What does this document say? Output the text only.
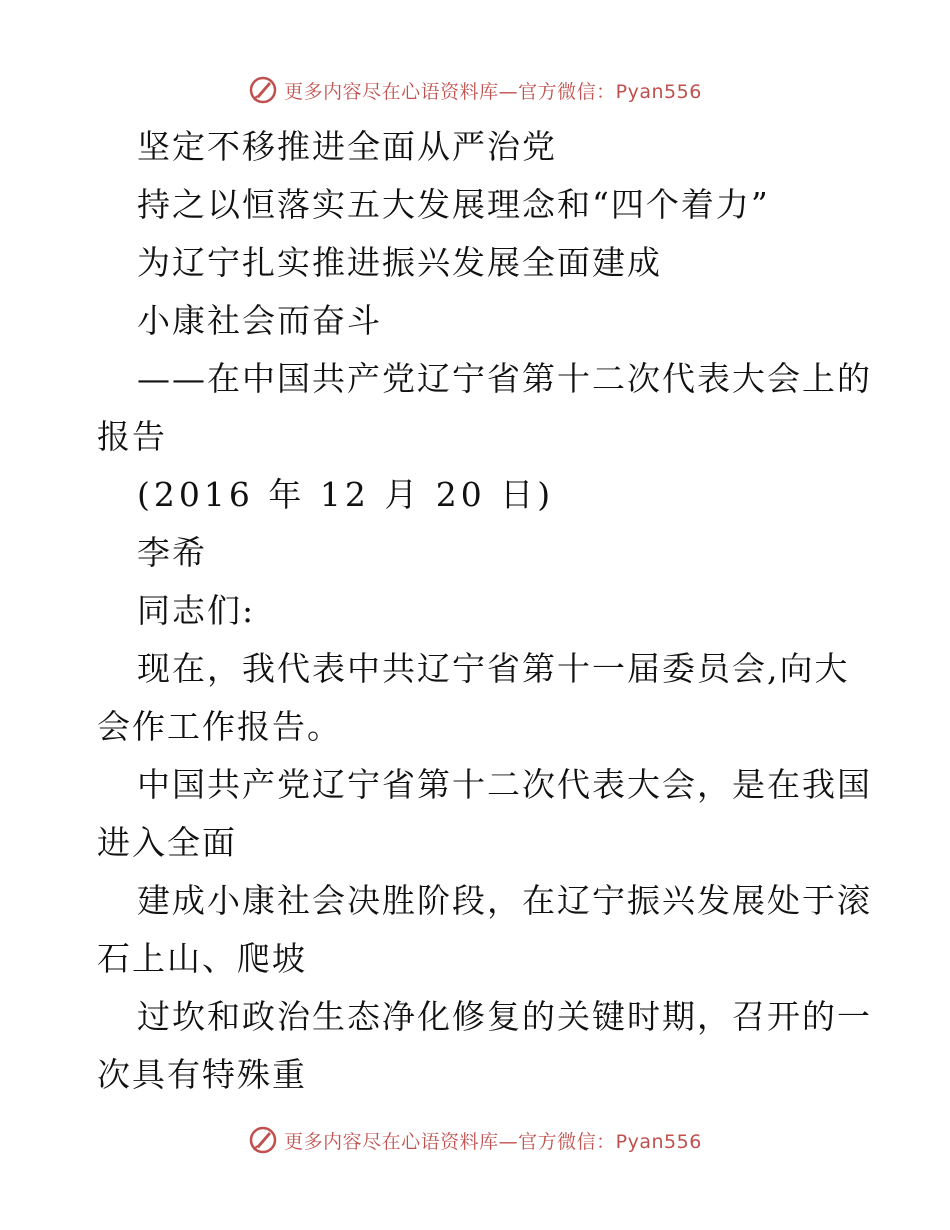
更多内容尽在心语资料库—官方微信：Pyan556
坚定不移推进全面从严治党
持之以恒落实五大发展理念和“四个着力”
为辽宁扎实推进振兴发展全面建成
小康社会而奋斗
——在中国共产党辽宁省第十二次代表大会上的
报告
(2016 年 12 月 20 日)
李希
同志们:
现在，我代表中共辽宁省第十一届委员会,向大
会作工作报告。
中国共产党辽宁省第十二次代表大会，是在我国
进入全面
建成小康社会决胜阶段，在辽宁振兴发展处于滚
石上山、爬坡
过坎和政治生态净化修复的关键时期，召开的一
次具有特殊重
更多内容尽在心语资料库—官方微信：Pyan556
